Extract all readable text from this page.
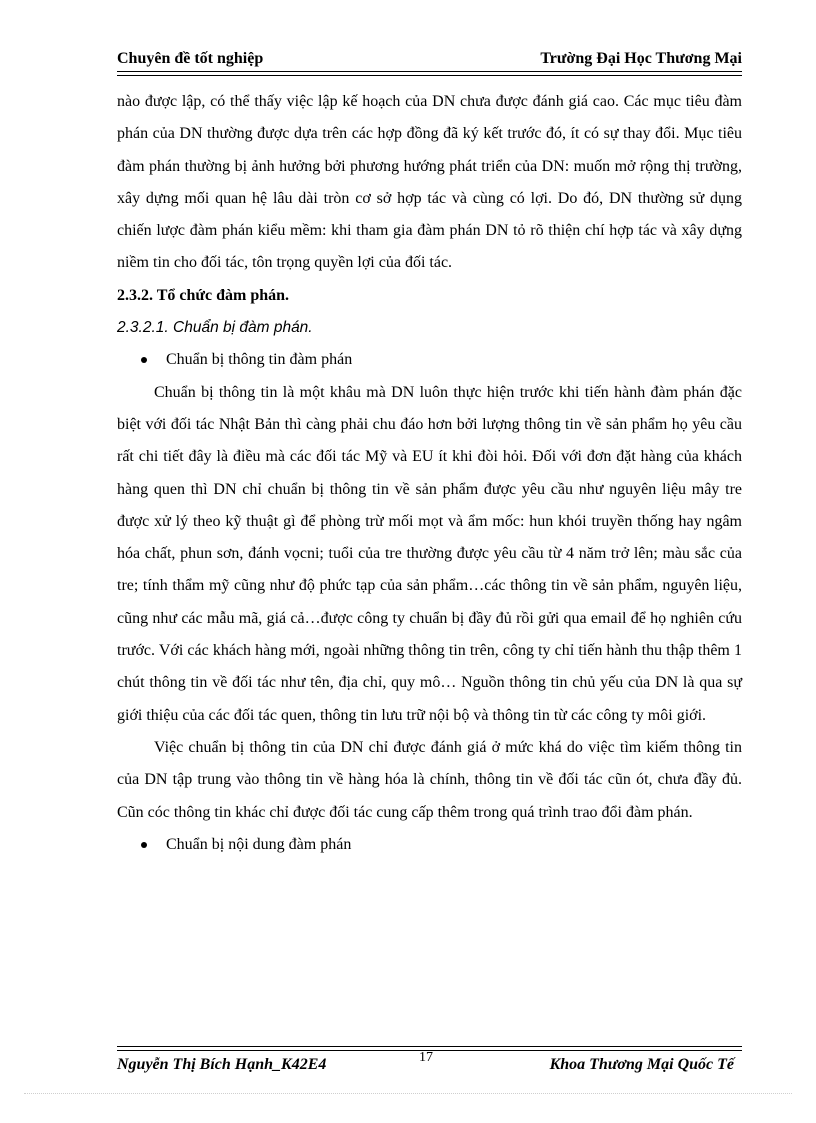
Chuyên đề tốt nghiệp	Trường Đại Học Thương Mại

nào được lập, có thể thấy việc lập kế hoạch của DN chưa được đánh giá cao. Các mục tiêu đàm phán của DN thường được dựa trên các hợp đồng đã ký kết trước đó, ít có sự thay đổi. Mục tiêu đàm phán thường bị ảnh hưởng bởi phương hướng phát triển của DN: muốn mở rộng thị trường, xây dựng mối quan hệ lâu dài tròn cơ sở hợp tác và cùng có lợi. Do đó, DN thường sử dụng chiến lược đàm phán kiểu mềm: khi tham gia đàm phán DN tỏ rõ thiện chí hợp tác và xây dựng niềm tin cho đối tác, tôn trọng quyền lợi của đối tác.

2.3.2. Tổ chức đàm phán.

2.3.2.1. Chuẩn bị đàm phán.

Chuẩn bị thông tin đàm phán

Chuẩn bị thông tin là một khâu mà DN luôn thực hiện trước khi tiến hành đàm phán đặc biệt với đối tác Nhật Bản thì càng phải chu đáo hơn bởi lượng thông tin về sản phẩm họ yêu cầu rất chi tiết đây là điều mà các đối tác Mỹ và EU ít khi đòi hỏi. Đối với đơn đặt hàng của khách hàng quen thì DN chỉ chuẩn bị thông tin về sản phẩm được yêu cầu như nguyên liệu mây tre được xử lý theo kỹ thuật gì để phòng trừ mối mọt và ẩm mốc: hun khói truyền thống hay ngâm hóa chất, phun sơn, đánh vọcni; tuổi của tre thường được yêu cầu từ 4 năm trở lên; màu sắc của tre; tính thẩm mỹ cũng như độ phức tạp của sản phẩm…các thông tin về sản phẩm, nguyên liệu, cũng như các mẫu mã, giá cả…được công ty chuẩn bị đầy đủ rồi gửi qua email để họ nghiên cứu trước. Với các khách hàng mới, ngoài những thông tin trên, công ty chỉ tiến hành thu thập thêm 1 chút thông tin về đối tác như tên, địa chỉ, quy mô… Nguồn thông tin chủ yếu của DN là qua sự giới thiệu của các đối tác quen, thông tin lưu trữ nội bộ và thông tin từ các công ty môi giới.

Việc chuẩn bị thông tin của DN chỉ được đánh giá ở mức khá do việc tìm kiếm thông tin của DN tập trung vào thông tin về hàng hóa là chính, thông tin về đối tác cũn ót, chưa đầy đủ. Cũn cóc thông tin khác chỉ được đối tác cung cấp thêm trong quá trình trao đổi đàm phán.

Chuẩn bị nội dung đàm phán
Nguyễn Thị Bích Hạnh_K42E4	17	Khoa Thương Mại Quốc Tế
